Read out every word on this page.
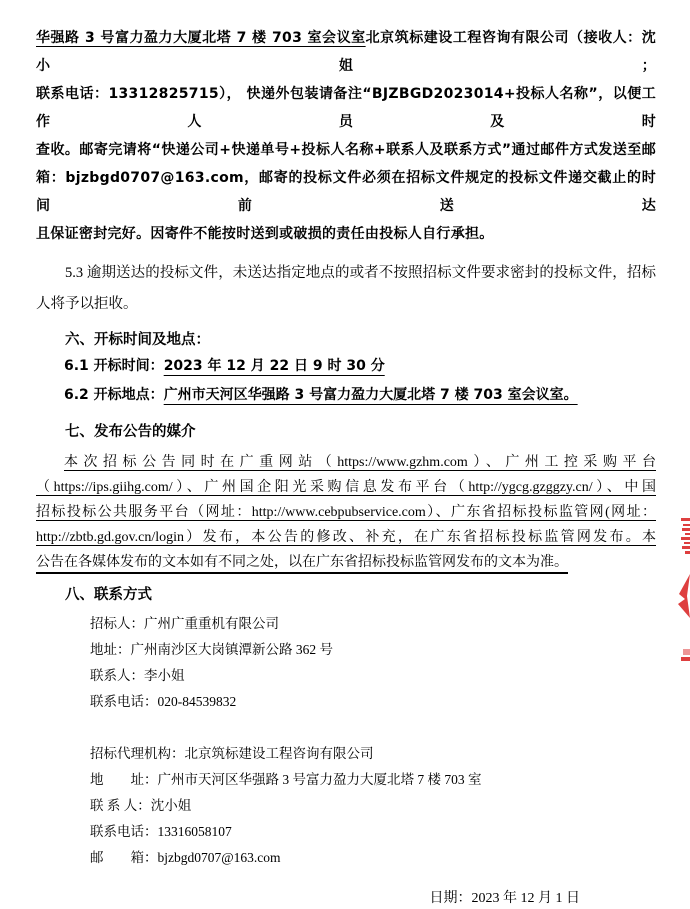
华强路 3 号富力盈力大厦北塔 7 楼 703 室会议室北京筑标建设工程咨询有限公司（接收人：沈小姐；
联系电话：13312825715）， 快递外包装请备注“BJZBGD2023014+投标人名称”，以便工作人员及时
查收。邮寄完请将“快递公司+快递单号+投标人名称+联系人及联系方式”通过邮件方式发送至邮
箱：bjzbgd0707@163.com，邮寄的投标文件必须在招标文件规定的投标文件递交截止的时间前送达
且保证密封完好。因寄件不能按时送到或破损的责任由投标人自行承担。
5.3 逾期送达的投标文件，未送达指定地点的或者不按照招标文件要求密封的投标文件，招标
人将予以拒收。
六、开标时间及地点：
6.1 开标时间：2023 年 12 月 22 日 9 时 30 分
6.2 开标地点：广州市天河区华强路 3 号富力盈力大厦北塔 7 楼 703 室会议室。
七、发布公告的媒介
本次招标公告同时在广重网站（https://www.gzhm.com）、广州工控采购平台
（https://ips.giihg.com/）、广州国企阳光采购信息发布平台（http://ygcg.gzggzy.cn/）、中国
招标投标公共服务平台（网址：http://www.cebpubservice.com）、广东省招标投标监管网(网址：
http://zbtb.gd.gov.cn/login）发布，本公告的修改、补充，在广东省招标投标监管网发布。本
公告在各媒体发布的文本如有不同之处，以在广东省招标投标监管网发布的文本为准。
八、联系方式
招标人：广州广重重机有限公司
地址：广州南沙区大岗镇潭新公路 362 号
联系人：李小姐
联系电话：020-84539832
招标代理机构：北京筑标建设工程咨询有限公司
地　　址：广州市天河区华强路 3 号富力盈力大厦北塔 7 楼 703 室
联 系 人：沈小姐
联系电话：13316058107
邮　　箱：bjzbgd0707@163.com
日期：2023 年 12 月 1 日
